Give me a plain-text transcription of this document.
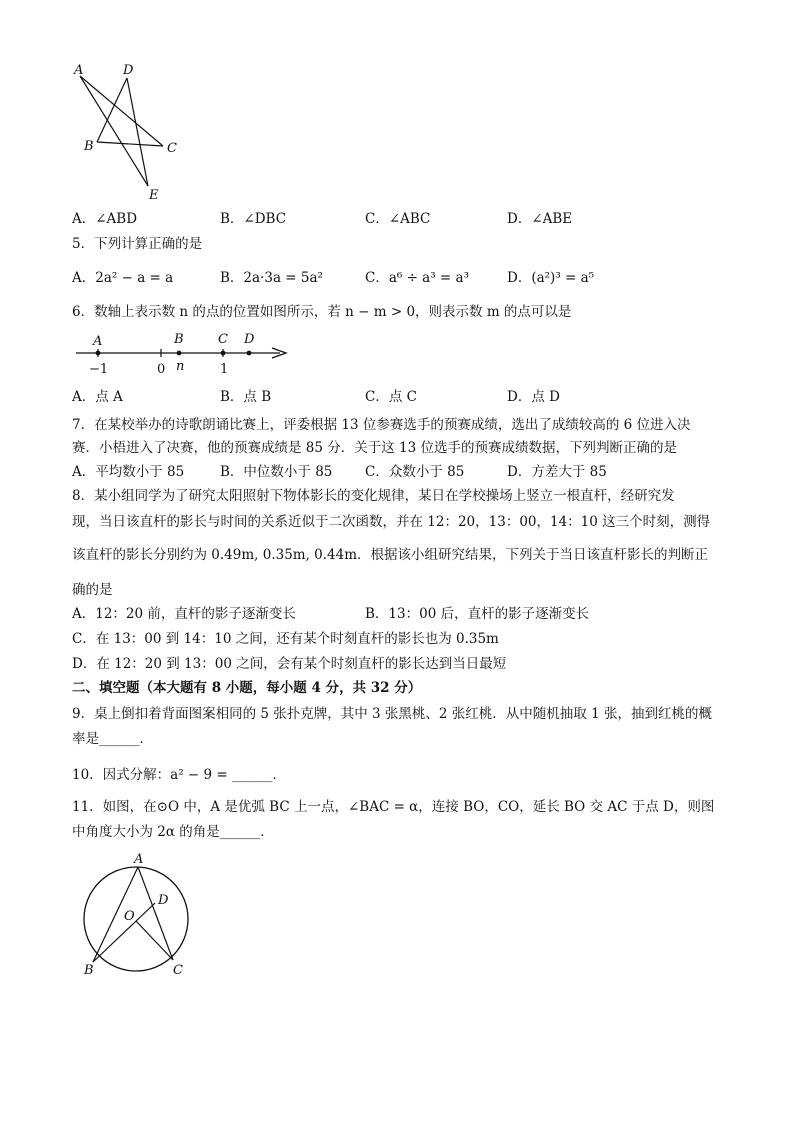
A	D
B	C
E
A．∠ABD	B．∠DBC	C．∠ABC	D．∠ABE
5．下列计算正确的是
A．2a² − a = a	B．2a·3a = 5a²	C．a⁶ ÷ a³ = a³	D．(a²)³ = a⁵
6．数轴上表示数 n 的点的位置如图所示，若 n − m > 0，则表示数 m 的点可以是
A	B	C D
−1	0 n	1
A．点 A	B．点 B	C．点 C	D．点 D
7．在某校举办的诗歌朗诵比赛上，评委根据 13 位参赛选手的预赛成绩，选出了成绩较高的 6 位进入决
赛．小梧进入了决赛，他的预赛成绩是 85 分．关于这 13 位选手的预赛成绩数据，下列判断正确的是
A．平均数小于 85	B．中位数小于 85 C．众数小于 85	D．方差大于 85
8．某小组同学为了研究太阳照射下物体影长的变化规律，某日在学校操场上竖立一根直杆，经研究发
现，当日该直杆的影长与时间的关系近似于二次函数，并在 12：20，13：00，14：10 这三个时刻，测得
该直杆的影长分别约为 0.49m, 0.35m, 0.44m．根据该小组研究结果，下列关于当日该直杆影长的判断正
确的是
A．12：20 前，直杆的影子逐渐变长	B．13：00 后，直杆的影子逐渐变长
C．在 13：00 到 14：10 之间，还有某个时刻直杆的影长也为 0.35m
D．在 12：20 到 13：00 之间，会有某个时刻直杆的影长达到当日最短
二、填空题（本大题有 8 小题，每小题 4 分，共 32 分）
9．桌上倒扣着背面图案相同的 5 张扑克牌，其中 3 张黑桃、2 张红桃．从中随机抽取 1 张，抽到红桃的概
率是______．
10．因式分解：a² − 9 = ______．
11．如图，在⊙O 中，A 是优弧 BC 上一点，∠BAC = α，连接 BO，CO，延长 BO 交 AC 于点 D，则图
中角度大小为 2α 的角是______．
A
D
O
B	C
